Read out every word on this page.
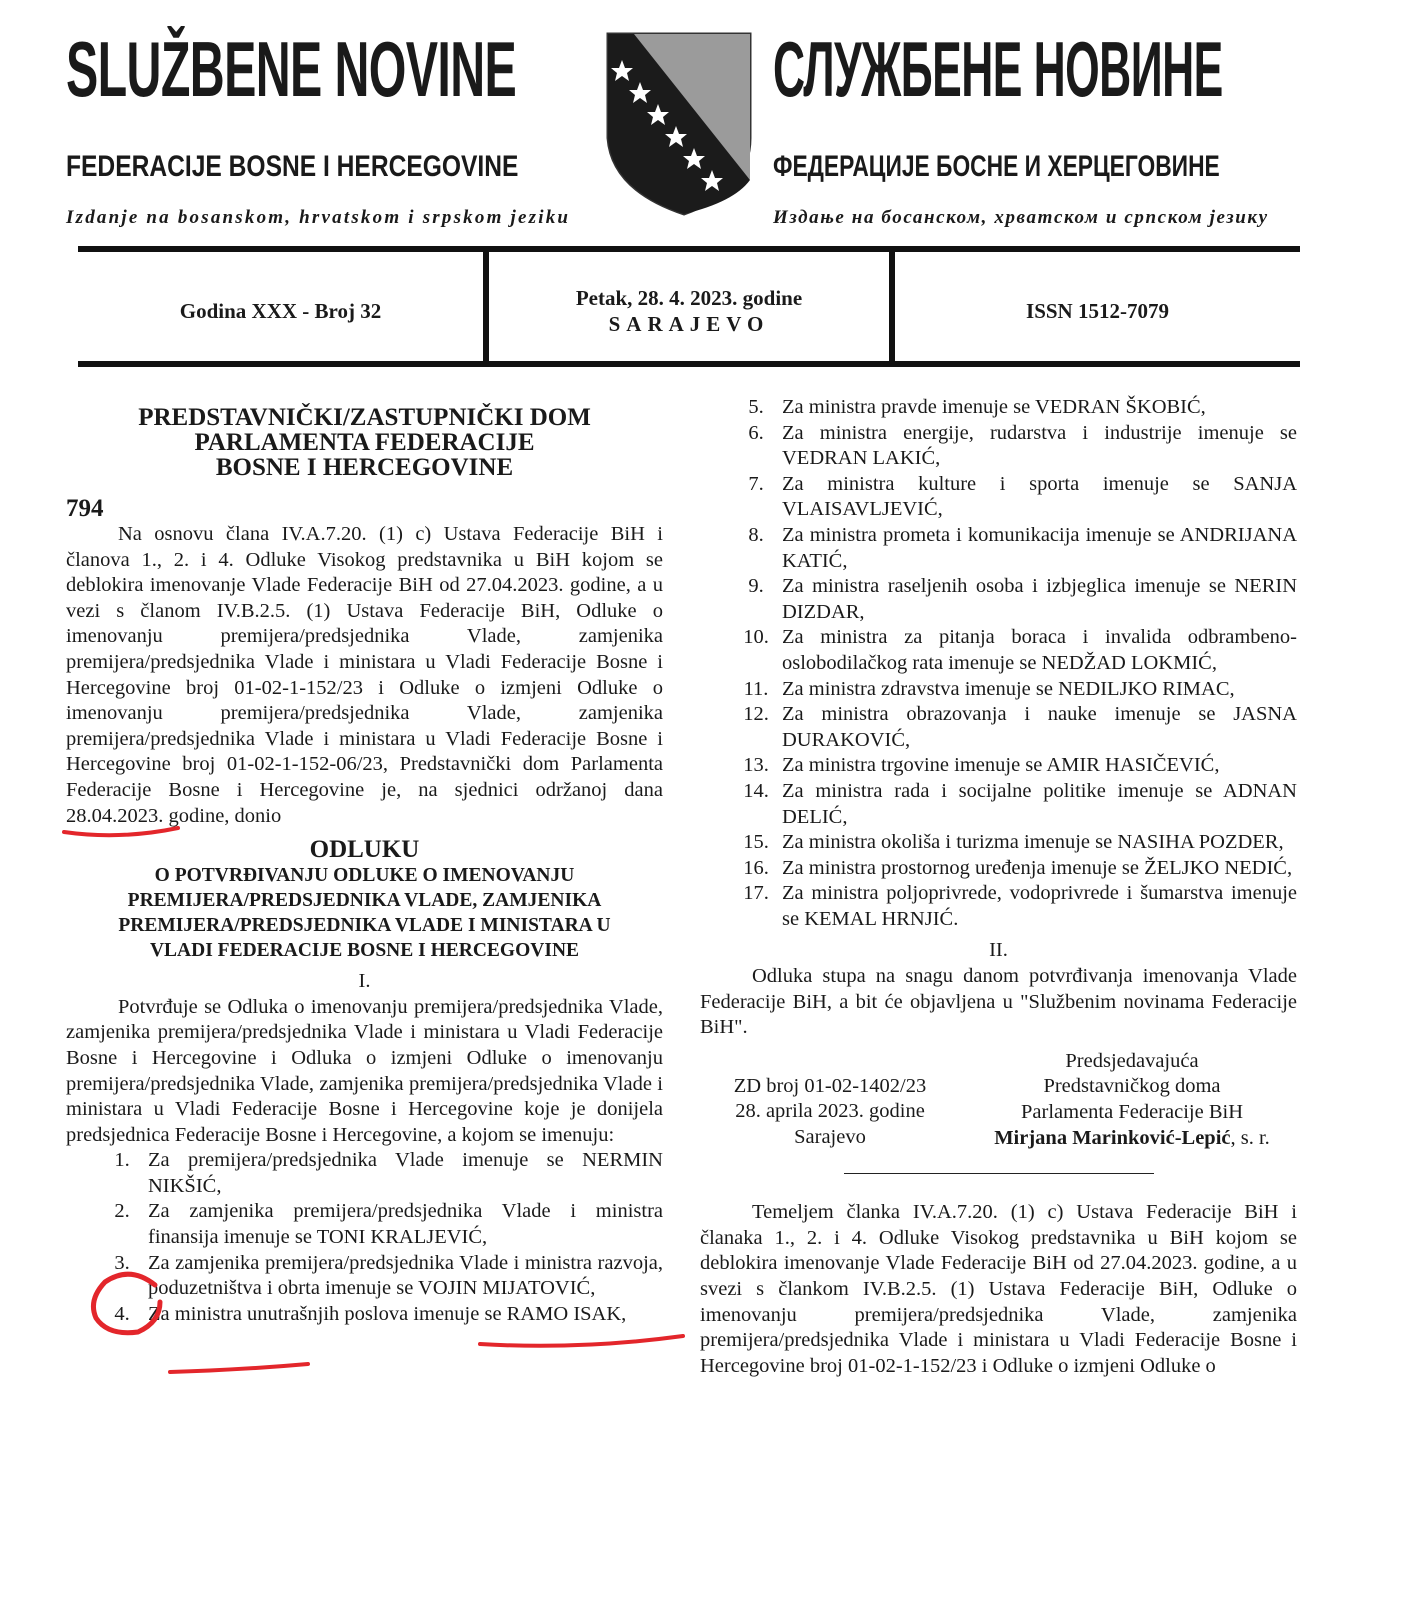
SLUŽBENE NOVINE
FEDERACIJE BOSNE I HERCEGOVINE
Izdanje na bosanskom, hrvatskom i srpskom jeziku
СЛУЖБЕНЕ НОВИНЕ
ФЕДЕРАЦИЈЕ БОСНЕ И ХЕРЦЕГОВИНЕ
Издање на босанском, хрватском и српском језику
Godina XXX - Broj 32
Petak, 28. 4. 2023. godine
SARAJEVO
ISSN 1512-7079
PREDSTAVNIČKI/ZASTUPNIČKI DOM
PARLAMENTA FEDERACIJE
BOSNE I HERCEGOVINE
794

Na osnovu člana IV.A.7.20. (1) c) Ustava Federacije BiH i članova 1., 2. i 4. Odluke Visokog predstavnika u BiH kojom se deblokira imenovanje Vlade Federacije BiH od 27.04.2023. godine, a u vezi s članom IV.B.2.5. (1) Ustava Federacije BiH, Odluke o imenovanju premijera/predsjednika Vlade, zamjenika premijera/predsjednika Vlade i ministara u Vladi Federacije Bosne i Hercegovine broj 01-02-1-152/23 i Odluke o izmjeni Odluke o imenovanju premijera/predsjednika Vlade, zamjenika premijera/predsjednika Vlade i ministara u Vladi Federacije Bosne i Hercegovine broj 01-02-1-152-06/23, Predstavnički dom Parlamenta Federacije Bosne i Hercegovine je, na sjednici održanoj dana 28.04.2023. godine, donio

ODLUKU
O POTVRĐIVANJU ODLUKE O IMENOVANJU
PREMIJERA/PREDSJEDNIKA VLADE, ZAMJENIKA
PREMIJERA/PREDSJEDNIKA VLADE I MINISTARA U
VLADI FEDERACIJE BOSNE I HERCEGOVINE
I.

Potvrđuje se Odluka o imenovanju premijera/predsjednika Vlade, zamjenika premijera/predsjednika Vlade i ministara u Vladi Federacije Bosne i Hercegovine i Odluka o izmjeni Odluke o imenovanju premijera/predsjednika Vlade, zamjenika premijera/predsjednika Vlade i ministara u Vladi Federacije Bosne i Hercegovine koje je donijela predsjednica Federacije Bosne i Hercegovine, a kojom se imenuju:

1. Za premijera/predsjednika Vlade imenuje se NERMIN NIKŠIĆ,
2. Za zamjenika premijera/predsjednika Vlade i ministra finansija imenuje se TONI KRALJEVIĆ,
3. Za zamjenika premijera/predsjednika Vlade i ministra razvoja, poduzetništva i obrta imenuje se VOJIN MIJATOVIĆ,
4. Za ministra unutrašnjih poslova imenuje se RAMO ISAK,
5. Za ministra pravde imenuje se VEDRAN ŠKOBIĆ,
6. Za ministra energije, rudarstva i industrije imenuje se VEDRAN LAKIĆ,
7. Za ministra kulture i sporta imenuje se SANJA VLAISAVLJEVIĆ,
8. Za ministra prometa i komunikacija imenuje se ANDRIJANA KATIĆ,
9. Za ministra raseljenih osoba i izbjeglica imenuje se NERIN DIZDAR,
10. Za ministra za pitanja boraca i invalida odbrambeno-oslobodilačkog rata imenuje se NEDŽAD LOKMIĆ,
11. Za ministra zdravstva imenuje se NEDILJKO RIMAC,
12. Za ministra obrazovanja i nauke imenuje se JASNA DURAKOVIĆ,
13. Za ministra trgovine imenuje se AMIR HASIČEVIĆ,
14. Za ministra rada i socijalne politike imenuje se ADNAN DELIĆ,
15. Za ministra okoliša i turizma imenuje se NASIHA POZDER,
16. Za ministra prostornog uređenja imenuje se ŽELJKO NEDIĆ,
17. Za ministra poljoprivrede, vodoprivrede i šumarstva imenuje se KEMAL HRNJIĆ.
II.

Odluka stupa na snagu danom potvrđivanja imenovanja Vlade Federacije BiH, a bit će objavljena u "Službenim novinama Federacije BiH".

ZD broj 01-02-1402/23
28. aprila 2023. godine
Sarajevo
Predsjedavajuća
Predstavničkog doma
Parlamenta Federacije BiH
Mirjana Marinković-Lepić, s. r.

Temeljem članka IV.A.7.20. (1) c) Ustava Federacije BiH i članaka 1., 2. i 4. Odluke Visokog predstavnika u BiH kojom se deblokira imenovanje Vlade Federacije BiH od 27.04.2023. godine, a u svezi s člankom IV.B.2.5. (1) Ustava Federacije BiH, Odluke o imenovanju premijera/predsjednika Vlade, zamjenika premijera/predsjednika Vlade i ministara u Vladi Federacije Bosne i Hercegovine broj 01-02-1-152/23 i Odluke o izmjeni Odluke o
